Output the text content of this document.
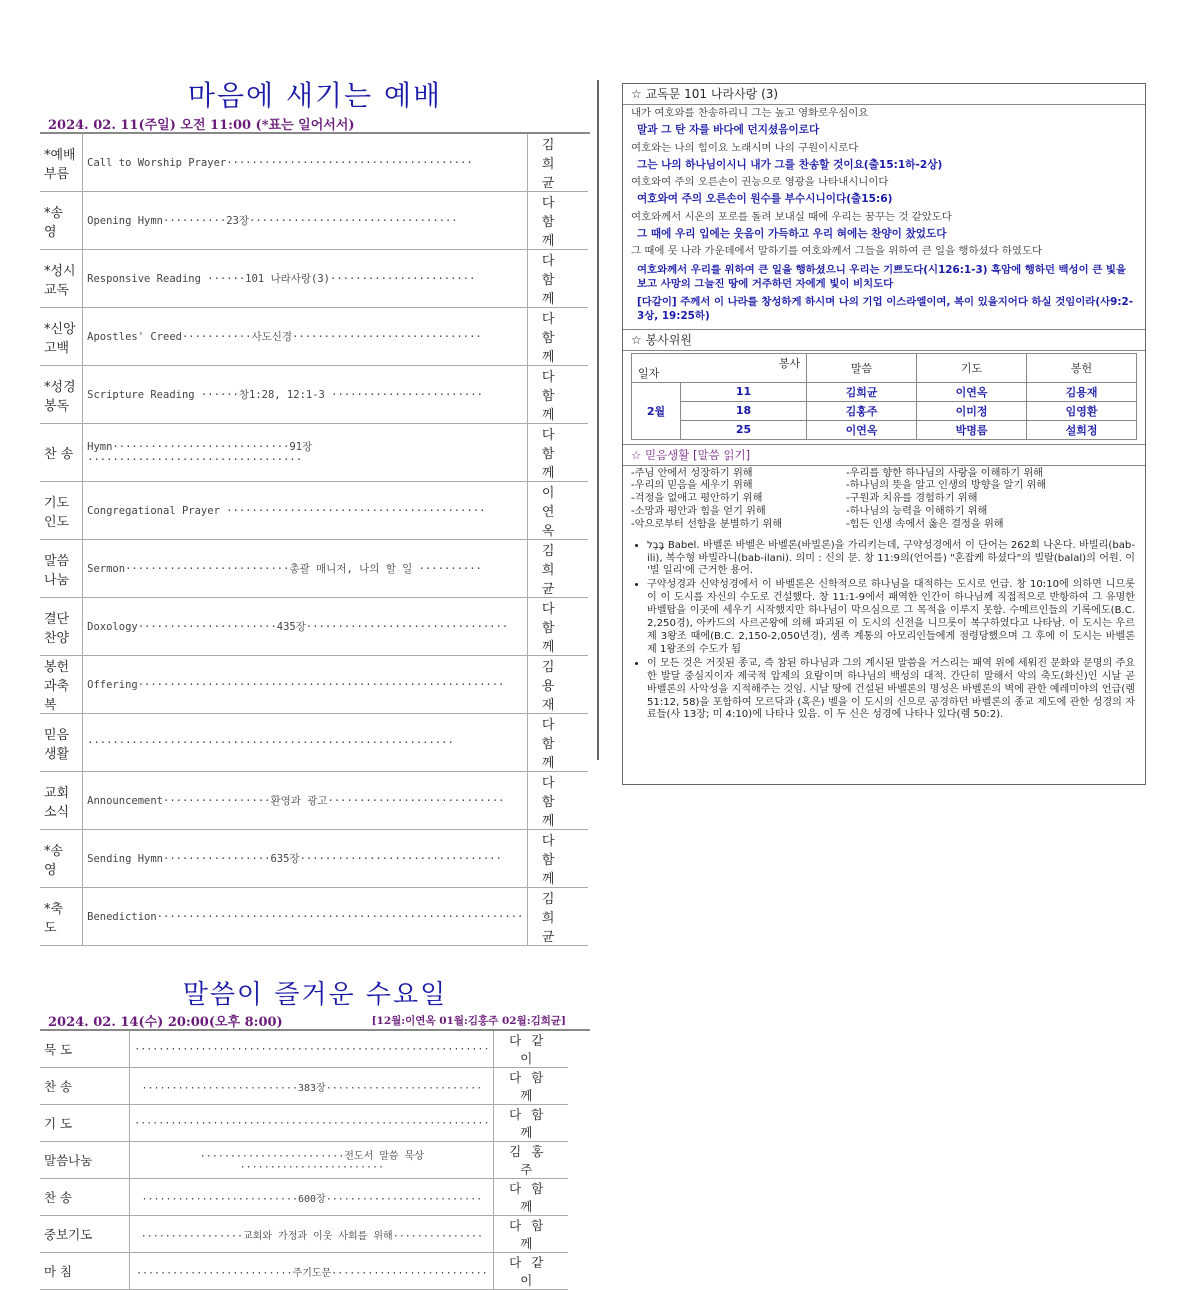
마음에 새기는 예배
2024. 02. 11(주일) 오전 11:00 (*표는 일어서서)
*예배부름	Call to Worship Prayer·······································	김희균
*송 영	Opening Hymn··········23장·································	다함께
*성시교독	Responsive Reading ······101 나라사랑(3)·······················	다함께
*신앙고백	Apostles' Creed···········사도신경······························	다함께
*성경봉독	Scripture Reading ······창1:28, 12:1-3 ························	다함께
찬 송	Hymn····························91장··································	다함께
기도인도	Congregational Prayer ·········································	이연옥
말씀나눔	Sermon··························총괄 매니저, 나의 할 일 ··········	김희균
결단찬양	Doxology······················435장································	다함께
봉헌과축복	Offering··························································	김용재
믿음생활	··························································	다함께
교회소식	Announcement·················환영과 광고····························	다함께
*송 영	Sending Hymn·················635장································	다함께
*축 도	Benediction··························································	김희균
말씀이 즐거운 수요일
2024. 02. 14(수) 20:00(오후 8:00)	[12월:이연옥 01월:김홍주 02월:김희균]
묵 도	···························································	다같이
찬 송	··························383장··························	다함께
기 도	···························································	다함께
말씀나눔	························전도서 말씀 묵상························	김홍주
찬 송	··························600장··························	다함께
중보기도	·················교회와 가정과 이웃 사회를 위해···············	다함께
마 침	··························주기도문··························	다같이
☆ 교독문 101 나라사랑 (3)
내가 여호와를 찬송하리니 그는 높고 영화로우심이요
말과 그 탄 자를 바다에 던지셨음이로다
여호와는 나의 힘이요 노래시며 나의 구원이시로다
그는 나의 하나님이시니 내가 그를 찬송할 것이요(출15:1하-2상)
여호와여 주의 오른손이 권능으로 영광을 나타내시니이다
여호와여 주의 오른손이 원수를 부수시니이다(출15:6)
여호와께서 시온의 포로를 돌려 보내실 때에 우리는 꿈꾸는 것 같았도다
그 때에 우리 입에는 웃음이 가득하고 우리 혀에는 찬양이 찼었도다
그 때에 뭇 나라 가운데에서 말하기를 여호와께서 그들을 위하여 큰 일을 행하셨다 하였도다
여호와께서 우리를 위하여 큰 일을 행하셨으니 우리는 기쁘도다(시126:1-3) 흑암에 행하던 백성이 큰 빛을 보고 사망의 그늘진 땅에 거주하던 자에게 빛이 비치도다
[다같이] 주께서 이 나라를 창성하게 하시며 나의 기업 이스라엘이여, 복이 있을지어다 하실 것임이라(사9:2-3상, 19:25하)
☆ 봉사위원
봉사
일자		말씀	기도	봉헌
2월	11	김희균	이연옥	김용재
	18	김홍주	이미정	임영환
	25	이연옥	박명름	설희정
☆ 믿음생활 [말씀 읽기]
-주님 안에서 성장하기 위해	-우리를 향한 하나님의 사랑을 이해하기 위해
-우리의 믿음을 세우기 위해	-하나님의 뜻을 알고 인생의 방향을 알기 위해
-걱정을 없애고 평안하기 위해	-구원과 치유를 경험하기 위해
-소망과 평안과 힘을 얻기 위해	-하나님의 능력을 이해하기 위해
-악으로부터 선함을 분별하기 위해	-힘든 인생 속에서 옳은 결정을 위해
• בָּבֶל Babel. 바벨론 바벨은 바벨론(바빌론)을 가리키는데, 구약성경에서 이 단어는 262회 나온다. 바빌리(bab-ili), 복수형 바빌라니(bab-ilani). 의미 : 신의 문. 창 11:9의(언어를) "혼잡케 하셨다"의 빌랄(balal)의 어원. 이 '빌 일리'에 근거한 용어.
• 구약성경과 신약성경에서 이 바벨론은 신학적으로 하나님을 대적하는 도시로 언급. 창 10:10에 의하면 니므롯이 이 도시를 자신의 수도로 건설했다. 창 11:1-9에서 패역한 인간이 하나님께 직접적으로 반항하여 그 유명한 바벨탑을 이곳에 세우기 시작했지만 하나님이 막으심으로 그 목적을 이루지 못함. 수메르인들의 기록에도(B.C. 2,250경), 아카드의 사르곤왕에 의해 파괴된 이 도시의 신전을 니므롯이 복구하였다고 나타남. 이 도시는 우르 제 3왕조 때에(B.C. 2,150-2,050년경), 셈족 계통의 아모리인들에게 점령당했으며 그 후에 이 도시는 바벨론 제 1왕조의 수도가 됨
• 이 모든 것은 거짓된 종교, 즉 참된 하나님과 그의 계시된 말씀을 거스리는 패역 위에 세워진 문화와 문명의 주요한 발달 중심지이자 제국적 압제의 요람이며 하나님의 백성의 대적. 간단히 말해서 악의 축도(화신)인 시날 곧 바벨론의 사악성을 지적해주는 것임. 시날 땅에 건설된 바벨론의 명성은 바벨론의 벽에 관한 예레미야의 언급(렘 51:12, 58)을 포함하여 모르닥과 (혹은) 벨을 이 도시의 신으로 공경하던 바벨론의 종교 제도에 관한 성경의 자료들(사 13장; 미 4:10)에 나타나 있음. 이 두 신은 성경에 나타나 있다(렘 50:2).
